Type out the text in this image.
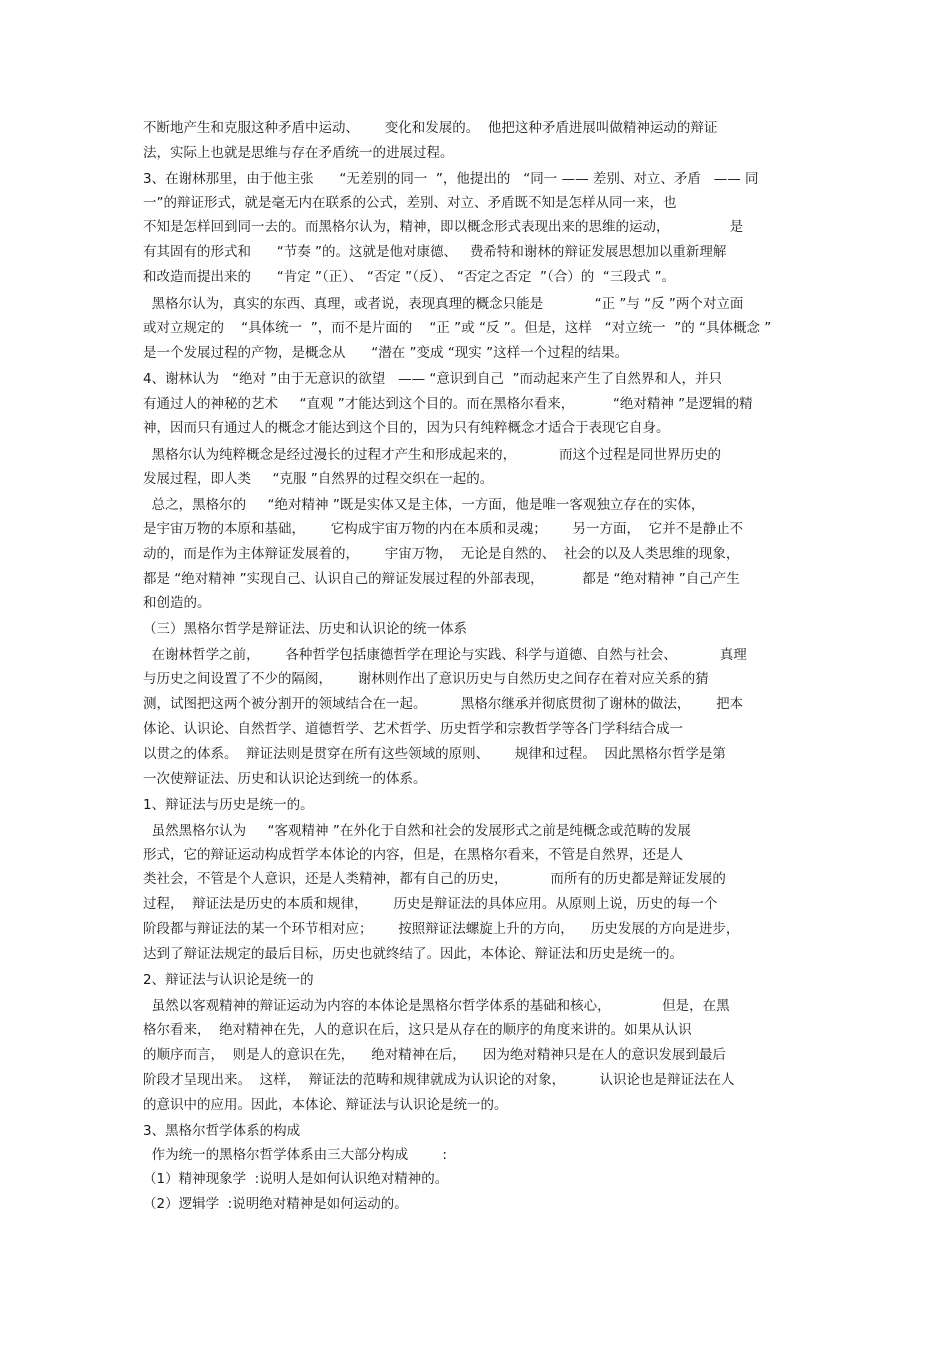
不断地产生和克服这种矛盾中运动、      变化和发展的。  他把这种矛盾进展叫做精神运动的辩证
法，实际上也就是思维与存在矛盾统一的进展过程。
3、在谢林那里，由于他主张      “无差别的同一  ”，他提出的   “同一 —— 差别、对立、矛盾   —— 同
一”的辩证形式，就是毫无内在联系的公式，差别、对立、矛盾既不知是怎样从同一来，也
不知是怎样回到同一去的。而黑格尔认为，精神，即以概念形式表现出来的思维的运动，              是
有其固有的形式和      “节奏 ”的。这就是他对康德、   费希特和谢林的辩证发展思想加以重新理解
和改造而提出来的      “肯定 ”（正）、 “否定 ”（反）、 “否定之否定  ”（合）的  “三段式 ”。
黑格尔认为，真实的东西、真理，或者说，表现真理的概念只能是            “正 ”与 “反 ”两个对立面
或对立规定的    “具体统一  ”，而不是片面的    “正 ”或 “反 ”。但是，这样   “对立统一  ”的 “具体概念 ”
是一个发展过程的产物，是概念从      “潜在 ”变成 “现实 ”这样一个过程的结果。
4、谢林认为   “绝对 ”由于无意识的欲望   —— “意识到自己  ”而动起来产生了自然界和人，并只
有通过人的神秘的艺术     “直观 ”才能达到这个目的。而在黑格尔看来，         “绝对精神 ”是逻辑的精
神，因而只有通过人的概念才能达到这个目的，因为只有纯粹概念才适合于表现它自身。
黑格尔认为纯粹概念是经过漫长的过程才产生和形成起来的，          而这个过程是同世界历史的
发展过程，即人类     “克服 ”自然界的过程交织在一起的。
总之，黑格尔的     “绝对精神 ”既是实体又是主体，一方面，他是唯一客观独立存在的实体，
是宇宙万物的本原和基础，      它构成宇宙万物的内在本质和灵魂；      另一方面，  它并不是静止不
动的，而是作为主体辩证发展着的，      宇宙万物，  无论是自然的、  社会的以及人类思维的现象，
都是 “绝对精神 ”实现自己、认识自己的辩证发展过程的外部表现，         都是 “绝对精神 ”自己产生
和创造的。
（三）黑格尔哲学是辩证法、历史和认识论的统一体系
在谢林哲学之前，      各种哲学包括康德哲学在理论与实践、科学与道德、自然与社会、          真理
与历史之间设置了不少的隔阂，      谢林则作出了意识历史与自然历史之间存在着对应关系的猜
测，试图把这两个被分割开的领域结合在一起。        黑格尔继承并彻底贯彻了谢林的做法，      把本
体论、认识论、自然哲学、道德哲学、艺术哲学、历史哲学和宗教哲学等各门学科结合成一
以贯之的体系。  辩证法则是贯穿在所有这些领域的原则、      规律和过程。  因此黑格尔哲学是第
一次使辩证法、历史和认识论达到统一的体系。
1、辩证法与历史是统一的。
虽然黑格尔认为     “客观精神 ”在外化于自然和社会的发展形式之前是纯概念或范畴的发展
形式，它的辩证运动构成哲学本体论的内容，但是，在黑格尔看来，不管是自然界，还是人
类社会，不管是个人意识，还是人类精神，都有自己的历史，          而所有的历史都是辩证发展的
过程，  辩证法是历史的本质和规律，      历史是辩证法的具体应用。从原则上说，历史的每一个
阶段都与辩证法的某一个环节相对应；      按照辩证法螺旋上升的方向，    历史发展的方向是进步，
达到了辩证法规定的最后目标，历史也就终结了。因此，本体论、辩证法和历史是统一的。
2、辩证法与认识论是统一的
虽然以客观精神的辩证运动为内容的本体论是黑格尔哲学体系的基础和核心，            但是，在黑
格尔看来，  绝对精神在先，人的意识在后，这只是从存在的顺序的角度来讲的。如果从认识
的顺序而言，  则是人的意识在先，    绝对精神在后，    因为绝对精神只是在人的意识发展到最后
阶段才呈现出来。  这样，  辩证法的范畴和规律就成为认识论的对象，        认识论也是辩证法在人
的意识中的应用。因此，本体论、辩证法与认识论是统一的。
3、黑格尔哲学体系的构成
作为统一的黑格尔哲学体系由三大部分构成        :
（1）精神现象学  :说明人是如何认识绝对精神的。
（2）逻辑学  :说明绝对精神是如何运动的。
